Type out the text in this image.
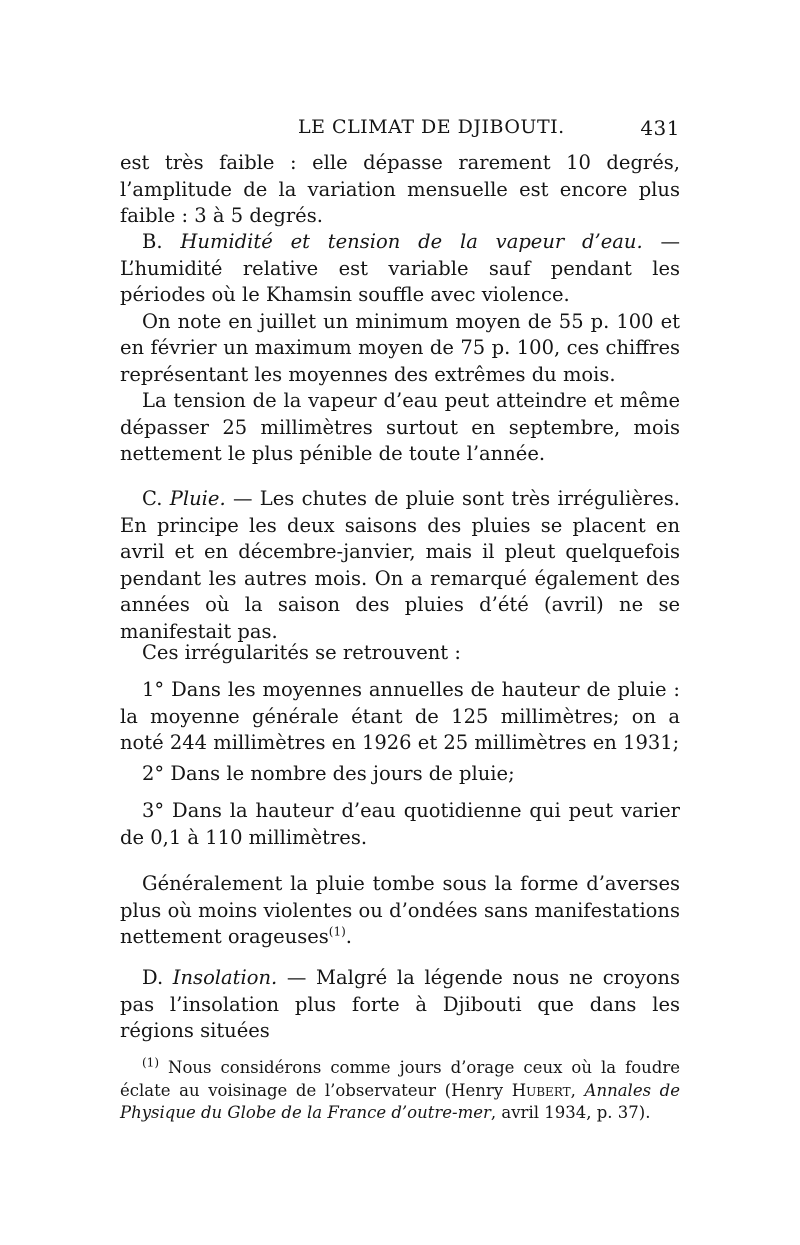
LE CLIMAT DE DJIBOUTI.	431

est très faible : elle dépasse rarement 10 degrés, l’amplitude de la variation mensuelle est encore plus faible : 3 à 5 degrés.

B. Humidité et tension de la vapeur d’eau. — L’humidité relative est variable sauf pendant les périodes où le Khamsin souffle avec violence.

On note en juillet un minimum moyen de 55 p. 100 et en février un maximum moyen de 75 p. 100, ces chiffres représentant les moyennes des extrêmes du mois.

La tension de la vapeur d’eau peut atteindre et même dépasser 25 millimètres surtout en septembre, mois nettement le plus pénible de toute l’année.

C. Pluie. — Les chutes de pluie sont très irrégulières. En principe les deux saisons des pluies se placent en avril et en décembre-janvier, mais il pleut quelquefois pendant les autres mois. On a remarqué également des années où la saison des pluies d’été (avril) ne se manifestait pas.

Ces irrégularités se retrouvent :

1° Dans les moyennes annuelles de hauteur de pluie : la moyenne générale étant de 125 millimètres; on a noté 244 millimètres en 1926 et 25 millimètres en 1931;

2° Dans le nombre des jours de pluie;

3° Dans la hauteur d’eau quotidienne qui peut varier de 0,1 à 110 millimètres.

Généralement la pluie tombe sous la forme d’averses plus où moins violentes ou d’ondées sans manifestations nettement orageuses$^{(1)}$.

D. Insolation. — Malgré la légende nous ne croyons pas l’insolation plus forte à Djibouti que dans les régions situées

$^{(1)}$ Nous considérons comme jours d’orage ceux où la foudre éclate au voisinage de l’observateur (Henry Hubert, Annales de Physique du Globe de la France d’outre-mer, avril 1934, p. 37).
